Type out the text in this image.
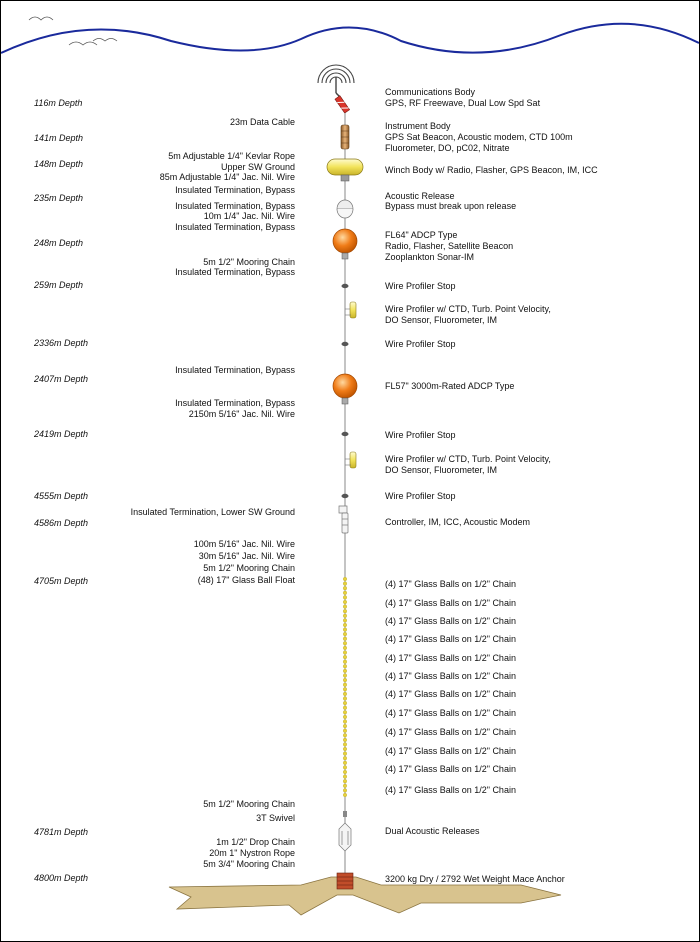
116m Depth
141m Depth
148m Depth
235m Depth
248m Depth
259m Depth
2336m Depth
2407m Depth
2419m Depth
4555m Depth
4586m Depth
4705m Depth
4781m Depth
4800m Depth
23m Data Cable
5m Adjustable 1/4" Kevlar Rope
Upper SW Ground
85m Adjustable 1/4" Jac. Nil. Wire
Insulated Termination, Bypass
Insulated Termination, Bypass
10m 1/4" Jac. Nil. Wire
Insulated Termination, Bypass
5m 1/2" Mooring Chain
Insulated Termination, Bypass
Insulated Termination, Bypass
Insulated Termination, Bypass
2150m 5/16" Jac. Nil. Wire
Insulated Termination, Lower SW Ground
100m 5/16" Jac. Nil. Wire
30m 5/16" Jac. Nil. Wire
5m 1/2" Mooring Chain
(48) 17" Glass Ball Float
5m 1/2" Mooring Chain
3T Swivel
1m 1/2" Drop Chain
20m 1" Nystron Rope
5m 3/4" Mooring Chain
Communications Body
GPS, RF Freewave, Dual Low Spd Sat
Instrument Body
GPS Sat Beacon, Acoustic modem, CTD 100m
Fluorometer, DO, pC02, Nitrate
Winch Body w/ Radio, Flasher, GPS Beacon, IM, ICC
Acoustic Release
Bypass must break upon release
FL64" ADCP Type
Radio, Flasher, Satellite Beacon
Zooplankton Sonar-IM
Wire Profiler Stop
Wire Profiler w/ CTD, Turb. Point Velocity,
DO Sensor, Fluorometer, IM
Wire Profiler Stop
FL57" 3000m-Rated ADCP Type
Wire Profiler Stop
Wire Profiler w/ CTD, Turb. Point Velocity,
DO Sensor, Fluorometer, IM
Wire Profiler Stop
Controller, IM, ICC, Acoustic Modem
Dual Acoustic Releases
3200 kg Dry / 2792 Wet Weight Mace Anchor
(4) 17" Glass Balls on 1/2" Chain
(4) 17" Glass Balls on 1/2" Chain
(4) 17" Glass Balls on 1/2" Chain
(4) 17" Glass Balls on 1/2" Chain
(4) 17" Glass Balls on 1/2" Chain
(4) 17" Glass Balls on 1/2" Chain
(4) 17" Glass Balls on 1/2" Chain
(4) 17" Glass Balls on 1/2" Chain
(4) 17" Glass Balls on 1/2" Chain
(4) 17" Glass Balls on 1/2" Chain
(4) 17" Glass Balls on 1/2" Chain
(4) 17" Glass Balls on 1/2" Chain
